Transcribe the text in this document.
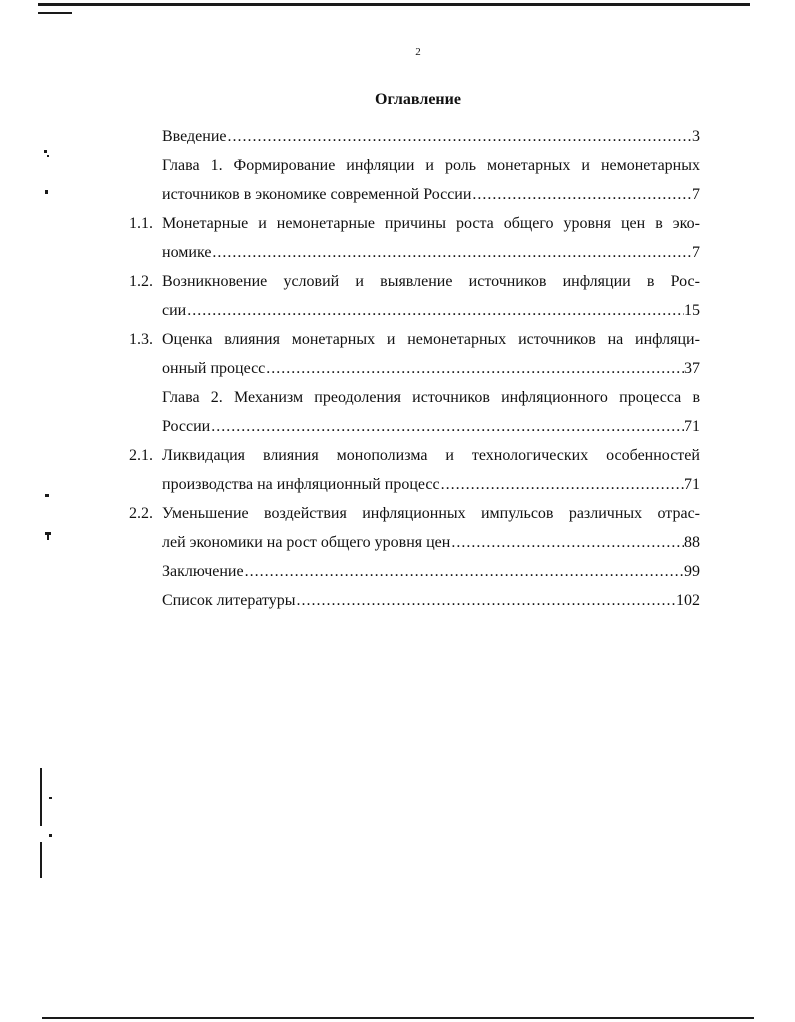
2
Оглавление
Введение .....	3
Глава 1. Формирование инфляции и роль монетарных и немонетарных
источников в экономике современной России .....	7
1.1. Монетарные и немонетарные причины роста общего уровня цен в эко-
номике .....	7
1.2. Возникновение условий и выявление источников инфляции в Рос-
сии .....	15
1.3. Оценка влияния монетарных и немонетарных источников на инфляци-
онный процесс .....	37
Глава 2. Механизм преодоления источников инфляционного процесса в
России .....	71
2.1. Ликвидация влияния монополизма и технологических особенностей
производства на инфляционный процесс .....	71
2.2. Уменьшение воздействия инфляционных импульсов различных отрас-
лей экономики на рост общего уровня цен .....	88
Заключение .....	99
Список литературы .....	102
